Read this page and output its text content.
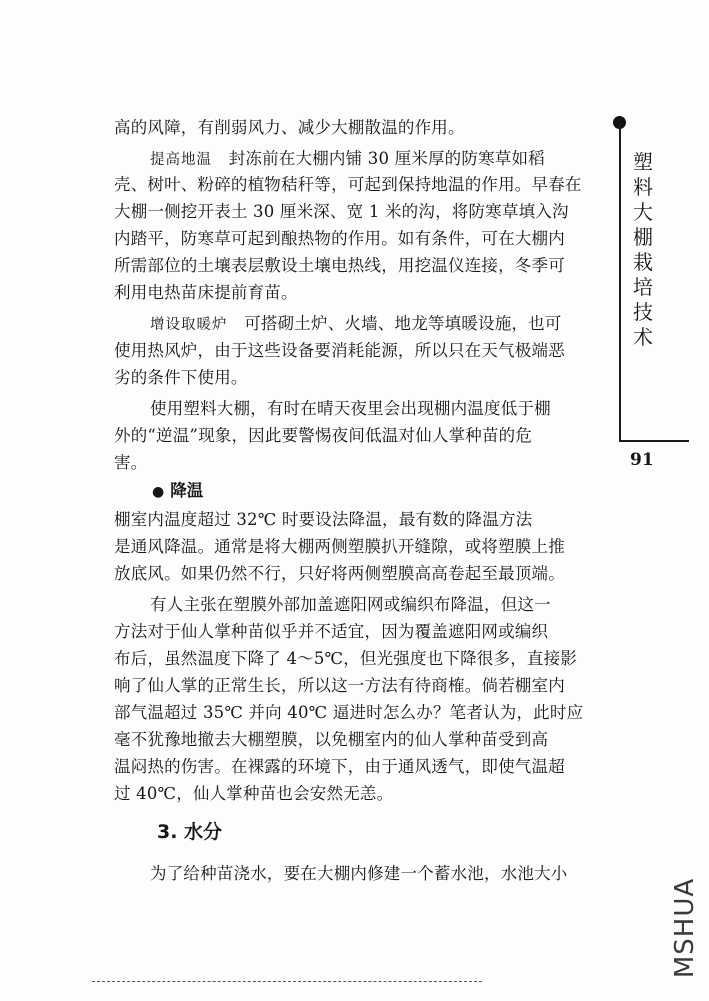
塑料大棚栽培技术
91
高的风障，有削弱风力、减少大棚散温的作用。
提高地温　封冻前在大棚内铺 30 厘米厚的防寒草如稻
壳、树叶、粉碎的植物秸秆等，可起到保持地温的作用。早春在
大棚一侧挖开表土 30 厘米深、宽 1 米的沟，将防寒草填入沟
内踏平，防寒草可起到酿热物的作用。如有条件，可在大棚内
所需部位的土壤表层敷设土壤电热线，用挖温仪连接，冬季可
利用电热苗床提前育苗。
增设取暖炉　可搭砌土炉、火墙、地龙等填暖设施，也可
使用热风炉，由于这些设备要消耗能源，所以只在天气极端恶
劣的条件下使用。
使用塑料大棚，有时在晴天夜里会出现棚内温度低于棚
外的“逆温”现象，因此要警惕夜间低温对仙人掌种苗的危
害。
● 降温
棚室内温度超过 32℃ 时要设法降温，最有数的降温方法
是通风降温。通常是将大棚两侧塑膜扒开缝隙，或将塑膜上推
放底风。如果仍然不行，只好将两侧塑膜高高卷起至最顶端。
有人主张在塑膜外部加盖遮阳网或编织布降温，但这一
方法对于仙人掌种苗似乎并不适宜，因为覆盖遮阳网或编织
布后，虽然温度下降了 4～5℃，但光强度也下降很多，直接影
响了仙人掌的正常生长，所以这一方法有待商榷。倘若棚室内
部气温超过 35℃ 并向 40℃ 逼进时怎么办？笔者认为，此时应
毫不犹豫地撤去大棚塑膜，以免棚室内的仙人掌种苗受到高
温闷热的伤害。在裸露的环境下，由于通风透气，即使气温超
过 40℃，仙人掌种苗也会安然无恙。
3. 水分
为了给种苗浇水，要在大棚内修建一个蓄水池，水池大小
MSHUA
